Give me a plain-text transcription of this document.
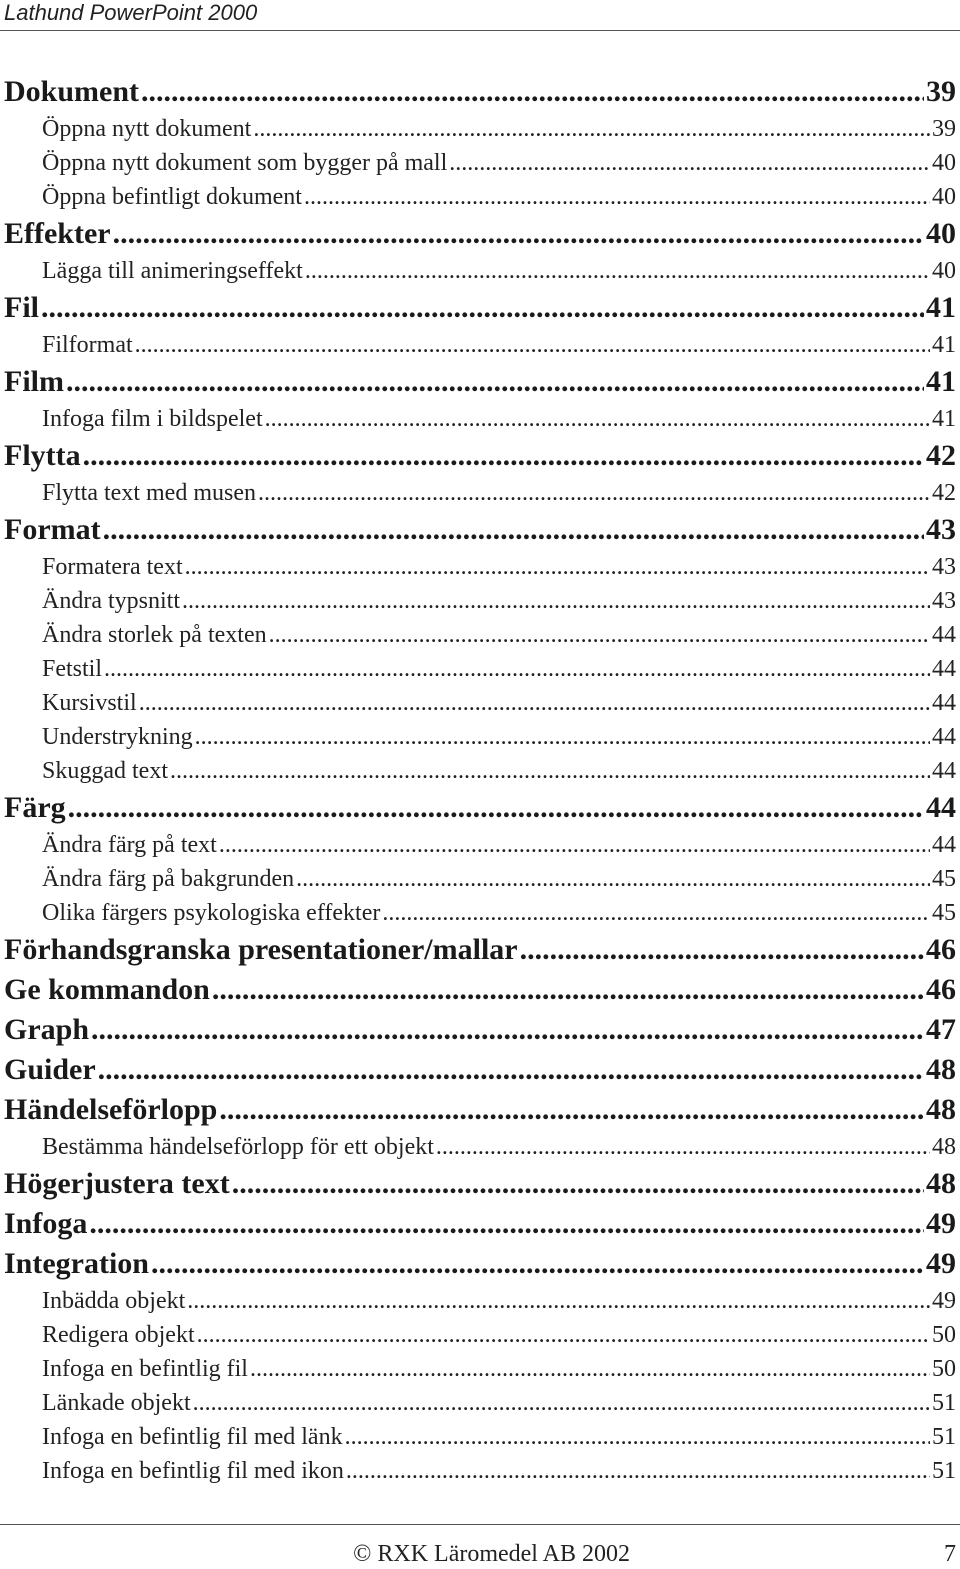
Lathund PowerPoint 2000
Dokument .....	39
Öppna nytt dokument .....	39
Öppna nytt dokument som bygger på mall .....	40
Öppna befintligt dokument .....	40
Effekter .....	40
Lägga till animeringseffekt .....	40
Fil .....	41
Filformat .....	41
Film .....	41
Infoga film i bildspelet .....	41
Flytta .....	42
Flytta text med musen .....	42
Format .....	43
Formatera text .....	43
Ändra typsnitt .....	43
Ändra storlek på texten .....	44
Fetstil .....	44
Kursivstil .....	44
Understrykning .....	44
Skuggad text .....	44
Färg .....	44
Ändra färg på text .....	44
Ändra färg på bakgrunden .....	45
Olika färgers psykologiska effekter .....	45
Förhandsgranska presentationer/mallar .....	46
Ge kommandon .....	46
Graph .....	47
Guider .....	48
Händelseförlopp .....	48
Bestämma händelseförlopp för ett objekt .....	48
Högerjustera text .....	48
Infoga .....	49
Integration .....	49
Inbädda objekt .....	49
Redigera objekt .....	50
Infoga en befintlig fil .....	50
Länkade objekt .....	51
Infoga en befintlig fil med länk .....	51
Infoga en befintlig fil med ikon .....	51
© RXK Läromedel AB 2002	7
